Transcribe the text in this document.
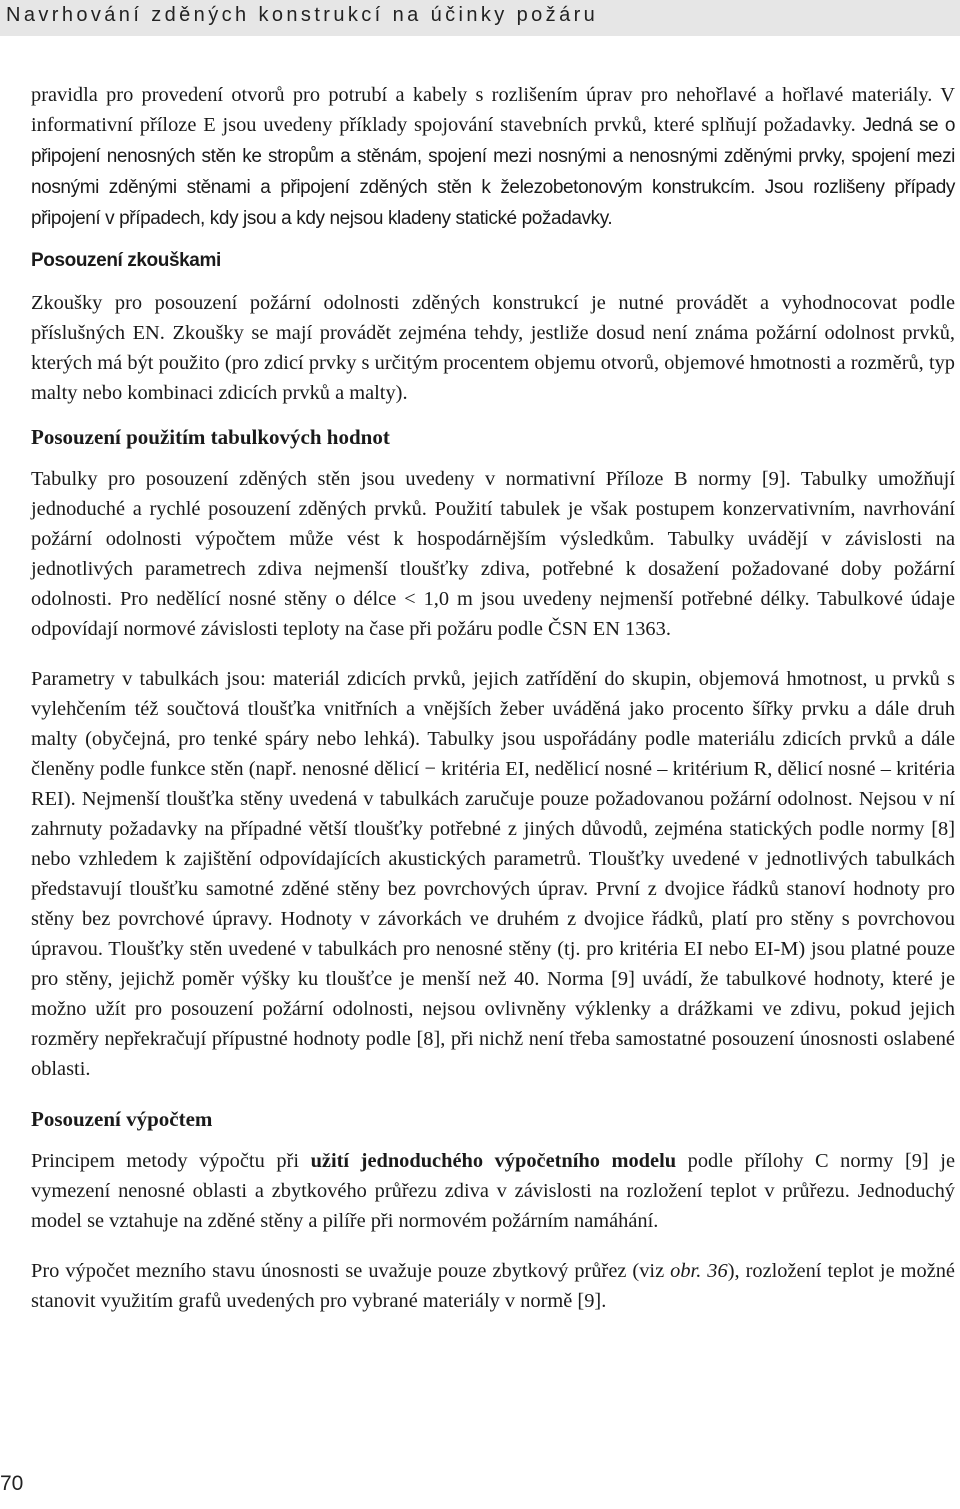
Navrhování zděných konstrukcí na účinky požáru

pravidla pro provedení otvorů pro potrubí a kabely s rozlišením úprav pro nehořlavé a hořlavé materiály. V informativní příloze E jsou uvedeny příklady spojování stavebních prvků, které splňují požadavky. Jedná se o připojení nenosných stěn ke stropům a stěnám, spojení mezi nosnými a nenosnými zděnými prvky, spojení mezi nosnými zděnými stěnami a připojení zděných stěn k železobetonovým konstrukcím. Jsou rozlišeny případy připojení v případech, kdy jsou a kdy nejsou kladeny statické požadavky.

Posouzení zkouškami

Zkoušky pro posouzení požární odolnosti zděných konstrukcí je nutné provádět a vyhodnocovat podle příslušných EN. Zkoušky se mají provádět zejména tehdy, jestliže dosud není známa požární odolnost prvků, kterých má být použito (pro zdicí prvky s určitým procentem objemu otvorů, objemové hmotnosti a rozměrů, typ malty nebo kombinaci zdicích prvků a malty).

Posouzení použitím tabulkových hodnot

Tabulky pro posouzení zděných stěn jsou uvedeny v normativní Příloze B normy [9]. Tabulky umožňují jednoduché a rychlé posouzení zděných prvků. Použití tabulek je však postupem konzervativním, navrhování požární odolnosti výpočtem může vést k hospodárnějším výsledkům. Tabulky uvádějí v závislosti na jednotlivých parametrech zdiva nejmenší tloušťky zdiva, potřebné k dosažení požadované doby požární odolnosti. Pro nedělící nosné stěny o délce < 1,0 m jsou uvedeny nejmenší potřebné délky. Tabulkové údaje odpovídají normové závislosti teploty na čase při požáru podle ČSN EN 1363.

Parametry v tabulkách jsou: materiál zdicích prvků, jejich zatřídění do skupin, objemová hmotnost, u prvků s vylehčením též součtová tloušťka vnitřních a vnějších žeber uváděná jako procento šířky prvku a dále druh malty (obyčejná, pro tenké spáry nebo lehká). Tabulky jsou uspořádány podle materiálu zdicích prvků a dále členěny podle funkce stěn (např. nenosné dělicí − kritéria EI, nedělicí nosné – kritérium R, dělicí nosné – kritéria REI). Nejmenší tloušťka stěny uvedená v tabulkách zaručuje pouze požadovanou požární odolnost. Nejsou v ní zahrnuty požadavky na případné větší tloušťky potřebné z jiných důvodů, zejména statických podle normy [8] nebo vzhledem k zajištění odpovídajících akustických parametrů. Tloušťky uvedené v jednotlivých tabulkách představují tloušťku samotné zděné stěny bez povrchových úprav. První z dvojice řádků stanoví hodnoty pro stěny bez povrchové úpravy. Hodnoty v závorkách ve druhém z dvojice řádků, platí pro stěny s povrchovou úpravou. Tloušťky stěn uvedené v tabulkách pro nenosné stěny (tj. pro kritéria EI nebo EI-M) jsou platné pouze pro stěny, jejichž poměr výšky ku tloušťce je menší než 40. Norma [9] uvádí, že tabulkové hodnoty, které je možno užít pro posouzení požární odolnosti, nejsou ovlivněny výklenky a drážkami ve zdivu, pokud jejich rozměry nepřekračují přípustné hodnoty podle [8], při nichž není třeba samostatné posouzení únosnosti oslabené oblasti.

Posouzení výpočtem

Principem metody výpočtu při užití jednoduchého výpočetního modelu podle přílohy C normy [9] je vymezení nenosné oblasti a zbytkového průřezu zdiva v závislosti na rozložení teplot v průřezu. Jednoduchý model se vztahuje na zděné stěny a pilíře při normovém požárním namáhání.

Pro výpočet mezního stavu únosnosti se uvažuje pouze zbytkový průřez (viz obr. 36), rozložení teplot je možné stanovit využitím grafů uvedených pro vybrané materiály v normě [9].

70
